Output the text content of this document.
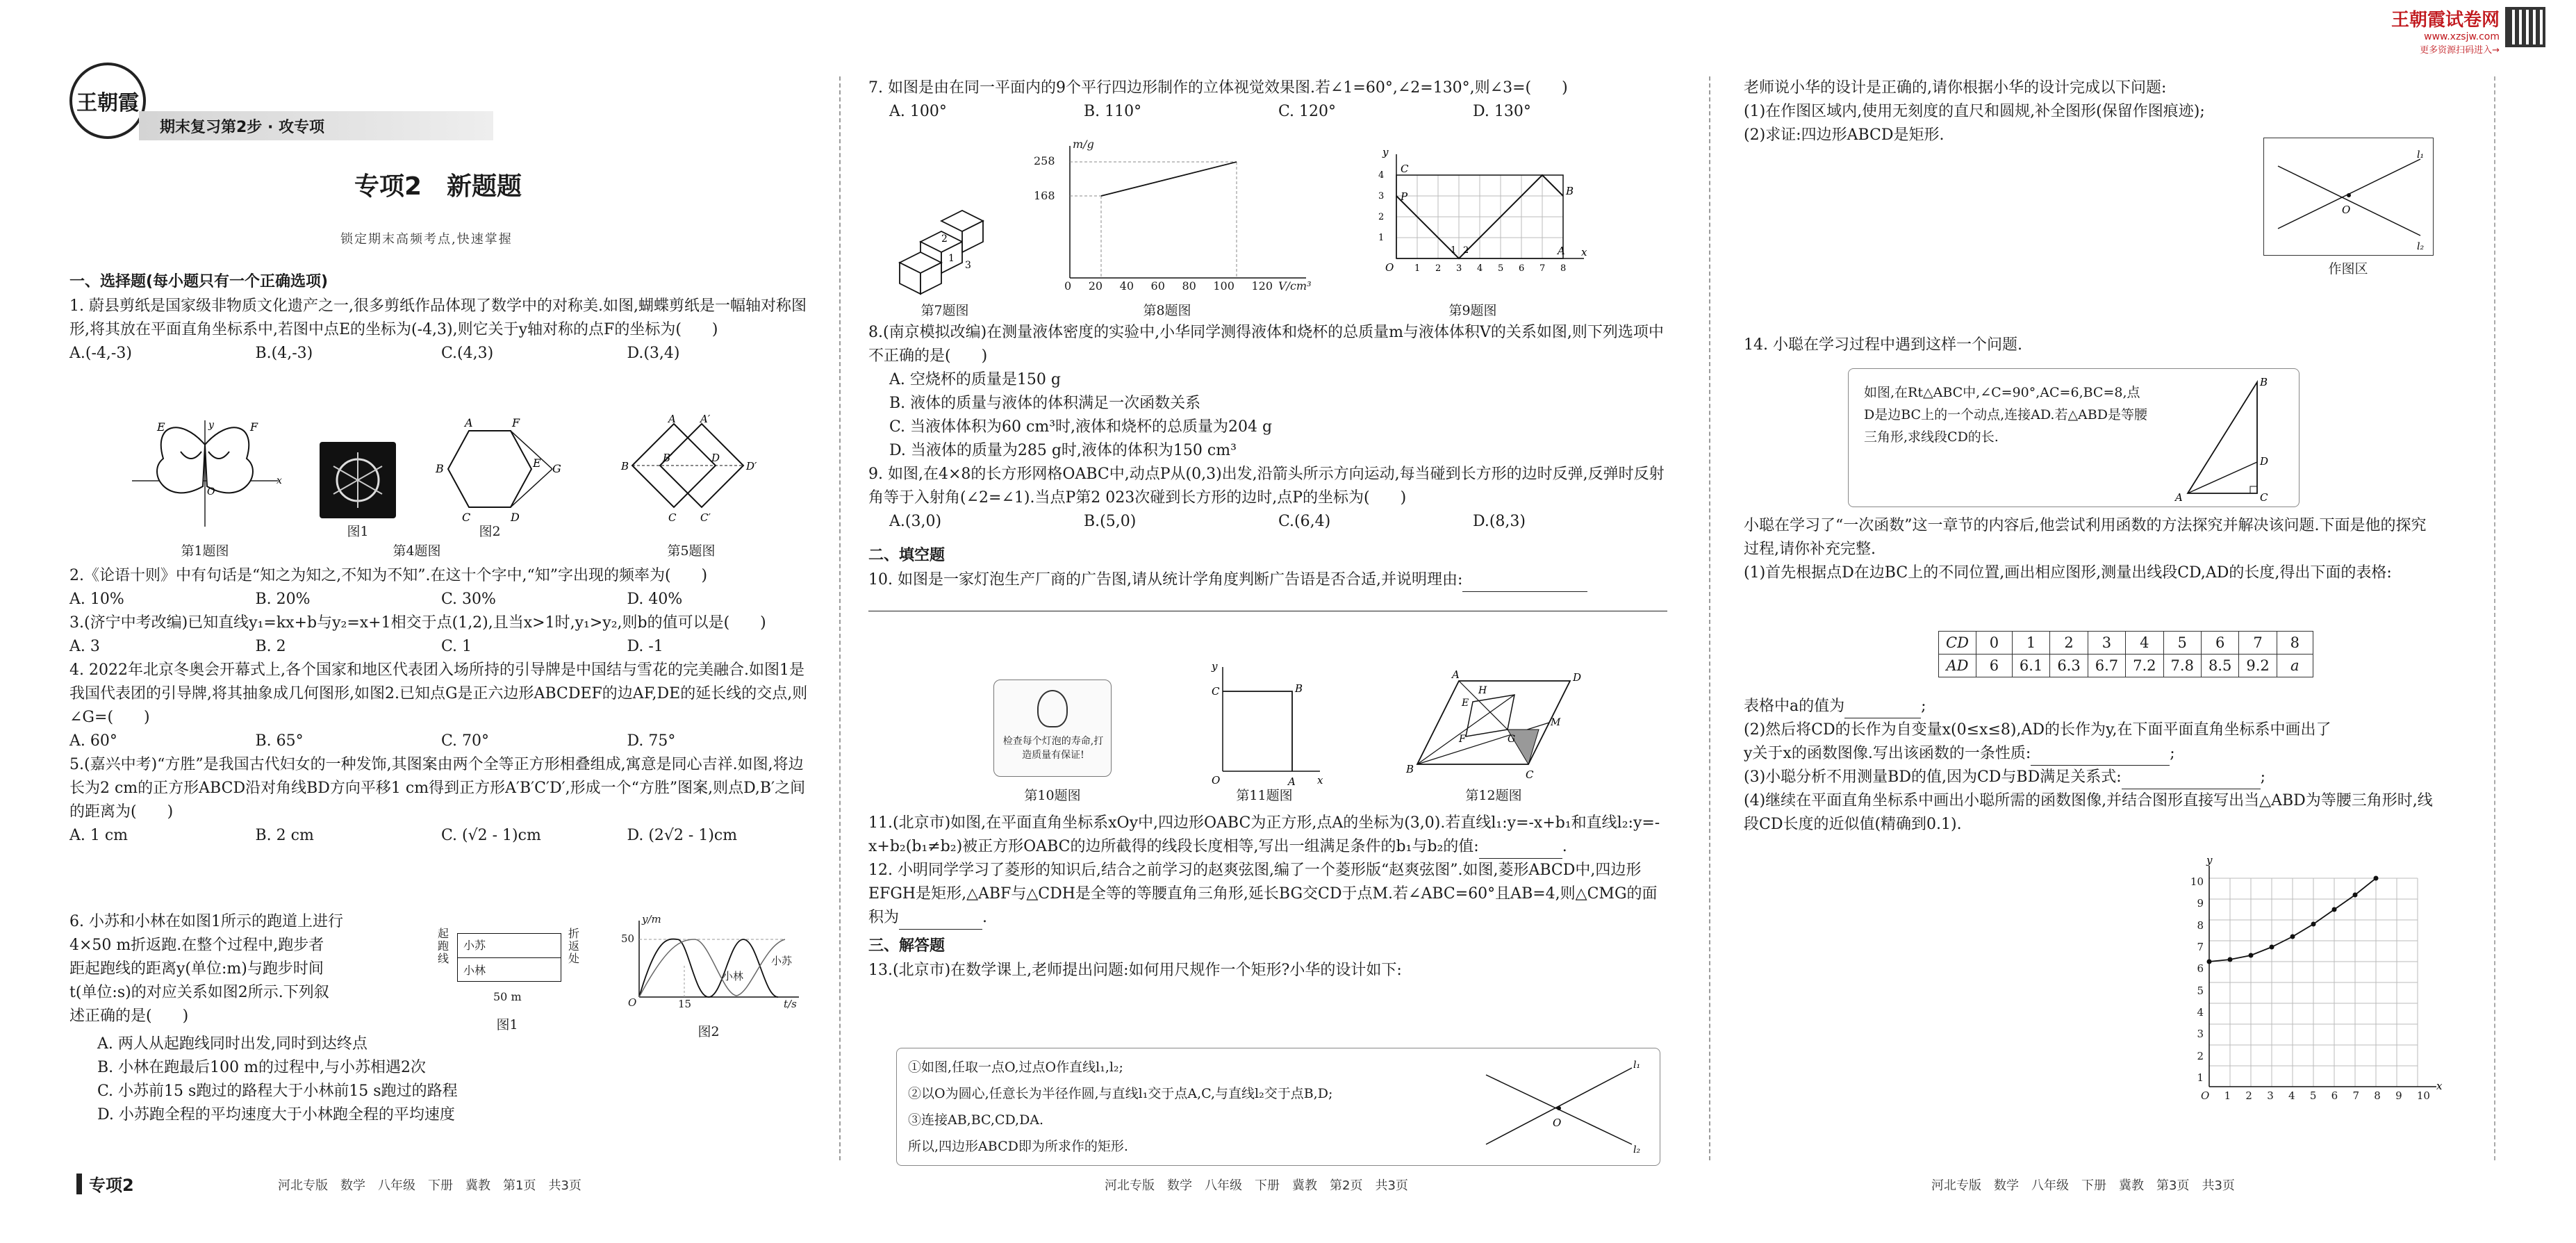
王朝霞试卷网
www.xzsjw.com
更多资源扫码进入→
王朝霞
期末复习第2步 · 攻专项
专项2　新题题
锁定期末高频考点,快速掌握
一、选择题(每小题只有一个正确选项)
1. 蔚县剪纸是国家级非物质文化遗产之一,很多剪纸作品体现了数学中的对称美.如图,蝴蝶剪纸是一幅轴对称图形,将其放在平面直角坐标系中,若图中点E的坐标为(-4,3),则它关于y轴对称的点F的坐标为(　　)
A.(-4,-3)	B.(4,-3)	C.(4,3)	D.(3,4)
E	F
O
x
y
第1题图
图1
A	F
B
C	D
E G
图2
第4题图
A A′
B
B′	D
D′
C C′
第5题图
2.《论语十则》中有句话是“知之为知之,不知为不知”.在这十个字中,“知”字出现的频率为(　　)
A. 10%	B. 20%	C. 30%	D. 40%
3.(济宁中考改编)已知直线y₁=kx+b与y₂=x+1相交于点(1,2),且当x>1时,y₁>y₂,则b的值可以是(　　)
A. 3	B. 2	C. 1	D. -1
4. 2022年北京冬奥会开幕式上,各个国家和地区代表团入场所持的引导牌是中国结与雪花的完美融合.如图1是我国代表团的引导牌,将其抽象成几何图形,如图2.已知点G是正六边形ABCDEF的边AF,DE的延长线的交点,则∠G=(　　)
A. 60°	B. 65°	C. 70°	D. 75°
5.(嘉兴中考)“方胜”是我国古代妇女的一种发饰,其图案由两个全等正方形相叠组成,寓意是同心吉祥.如图,将边长为2 cm的正方形ABCD沿对角线BD方向平移1 cm得到正方形A′B′C′D′,形成一个“方胜”图案,则点D,B′之间的距离为(　　)
A. 1 cm	B. 2 cm	C. (√2 - 1)cm	D. (2√2 - 1)cm
6. 小苏和小林在如图1所示的跑道上进行
4×50 m折返跑.在整个过程中,跑步者
距起跑线的距离y(单位:m)与跑步时间
t(单位:s)的对应关系如图2所示.下列叙
述正确的是(　　)
起跑线
小苏
小林
折返处
50 m
图1
y/m
50
O	15	t/s
小苏
小林
图2
A. 两人从起跑线同时出发,同时到达终点
B. 小林在跑最后100 m的过程中,与小苏相遇2次
C. 小苏前15 s跑过的路程大于小林前15 s跑过的路程
D. 小苏跑全程的平均速度大于小林跑全程的平均速度
专项2	河北专版　数学　八年级　下册　冀教　第1页　共3页
7. 如图是由在同一平面内的9个平行四边形制作的立体视觉效果图.若∠1=60°,∠2=130°,则∠3=(　　)
A. 100°	B. 110°	C. 120°	D. 130°
1
2
3
第7题图
m/g
258
168
0 20 40 60 80 100 120 V/cm³
第8题图
y
C
P	B
A x
O
1 2
4
3
2
1
1 2 3 4 5 6 7 8
第9题图
8.(南京模拟改编)在测量液体密度的实验中,小华同学测得液体和烧杯的总质量m与液体体积V的关系如图,则下列选项中不正确的是(　　)
A. 空烧杯的质量是150 g
B. 液体的质量与液体的体积满足一次函数关系
C. 当液体体积为60 cm³时,液体和烧杯的总质量为204 g
D. 当液体的质量为285 g时,液体的体积为150 cm³
9. 如图,在4×8的长方形网格OABC中,动点P从(0,3)出发,沿箭头所示方向运动,每当碰到长方形的边时反弹,反弹时反射角等于入射角(∠2=∠1).当点P第2 023次碰到长方形的边时,点P的坐标为(　　)
A.(3,0)	B.(5,0)	C.(6,4)	D.(8,3)
二、填空题
10. 如图是一家灯泡生产厂商的广告图,请从统计学角度判断广告语是否合适,并说明理由:
检查每个灯泡的寿命,打造质量有保证!
第10题图
y
C	B
O	A x
第11题图
A	D
B	C
E
H
F	G
M
第12题图
11.(北京市)如图,在平面直角坐标系xOy中,四边形OABC为正方形,点A的坐标为(3,0).若直线l₁:y=-x+b₁和直线l₂:y=-x+b₂(b₁≠b₂)被正方形OABC的边所截得的线段长度相等,写出一组满足条件的b₁与b₂的值:	.
12. 小明同学学习了菱形的知识后,结合之前学习的赵爽弦图,编了一个菱形版“赵爽弦图”.如图,菱形ABCD中,四边形EFGH是矩形,△ABF与△CDH是全等的等腰直角三角形,延长BG交CD于点M.若∠ABC=60°且AB=4,则△CMG的面积为	.
三、解答题
13.(北京市)在数学课上,老师提出问题:如何用尺规作一个矩形?小华的设计如下:
①如图,任取一点O,过点O作直线l₁,l₂;
②以O为圆心,任意长为半径作圆,与直线l₁交于点A,C,与直线l₂交于点B,D;
③连接AB,BC,CD,DA.
所以,四边形ABCD即为所求作的矩形.
O
l₁
l₂
河北专版　数学　八年级　下册　冀教　第2页　共3页
老师说小华的设计是正确的,请你根据小华的设计完成以下问题:
(1)在作图区域内,使用无刻度的直尺和圆规,补全图形(保留作图痕迹);
(2)求证:四边形ABCD是矩形.
O
l₁
l₂
作图区
14. 小聪在学习过程中遇到这样一个问题.
如图,在Rt△ABC中,∠C=90°,AC=6,BC=8,点D是边BC上的一个动点,连接AD.若△ABD是等腰三角形,求线段CD的长.
B
D
C
A
小聪在学习了“一次函数”这一章节的内容后,他尝试利用函数的方法探究并解决该问题.下面是他的探究过程,请你补充完整.
(1)首先根据点D在边BC上的不同位置,画出相应图形,测量出线段CD,AD的长度,得出下面的表格:
CD	0	1	2	3	4	5	6	7	8
AD	6	6.1	6.3	6.7	7.2	7.8	8.5	9.2	a
表格中a的值为	;
(2)然后将CD的长作为自变量x(0≤x≤8),AD的长作为y,在下面平面直角坐标系中画出了
y关于x的函数图像.写出该函数的一条性质:	;
(3)小聪分析不用测量BD的值,因为CD与BD满足关系式:	;
(4)继续在平面直角坐标系中画出小聪所需的函数图像,并结合图形直接写出当△ABD为等腰三角形时,线段CD长度的近似值(精确到0.1).
x
y
O 1 2 3 4 5 6 7 8 9 10
1
2
3
4
5
6
7
8
9
10
河北专版　数学　八年级　下册　冀教　第3页　共3页
